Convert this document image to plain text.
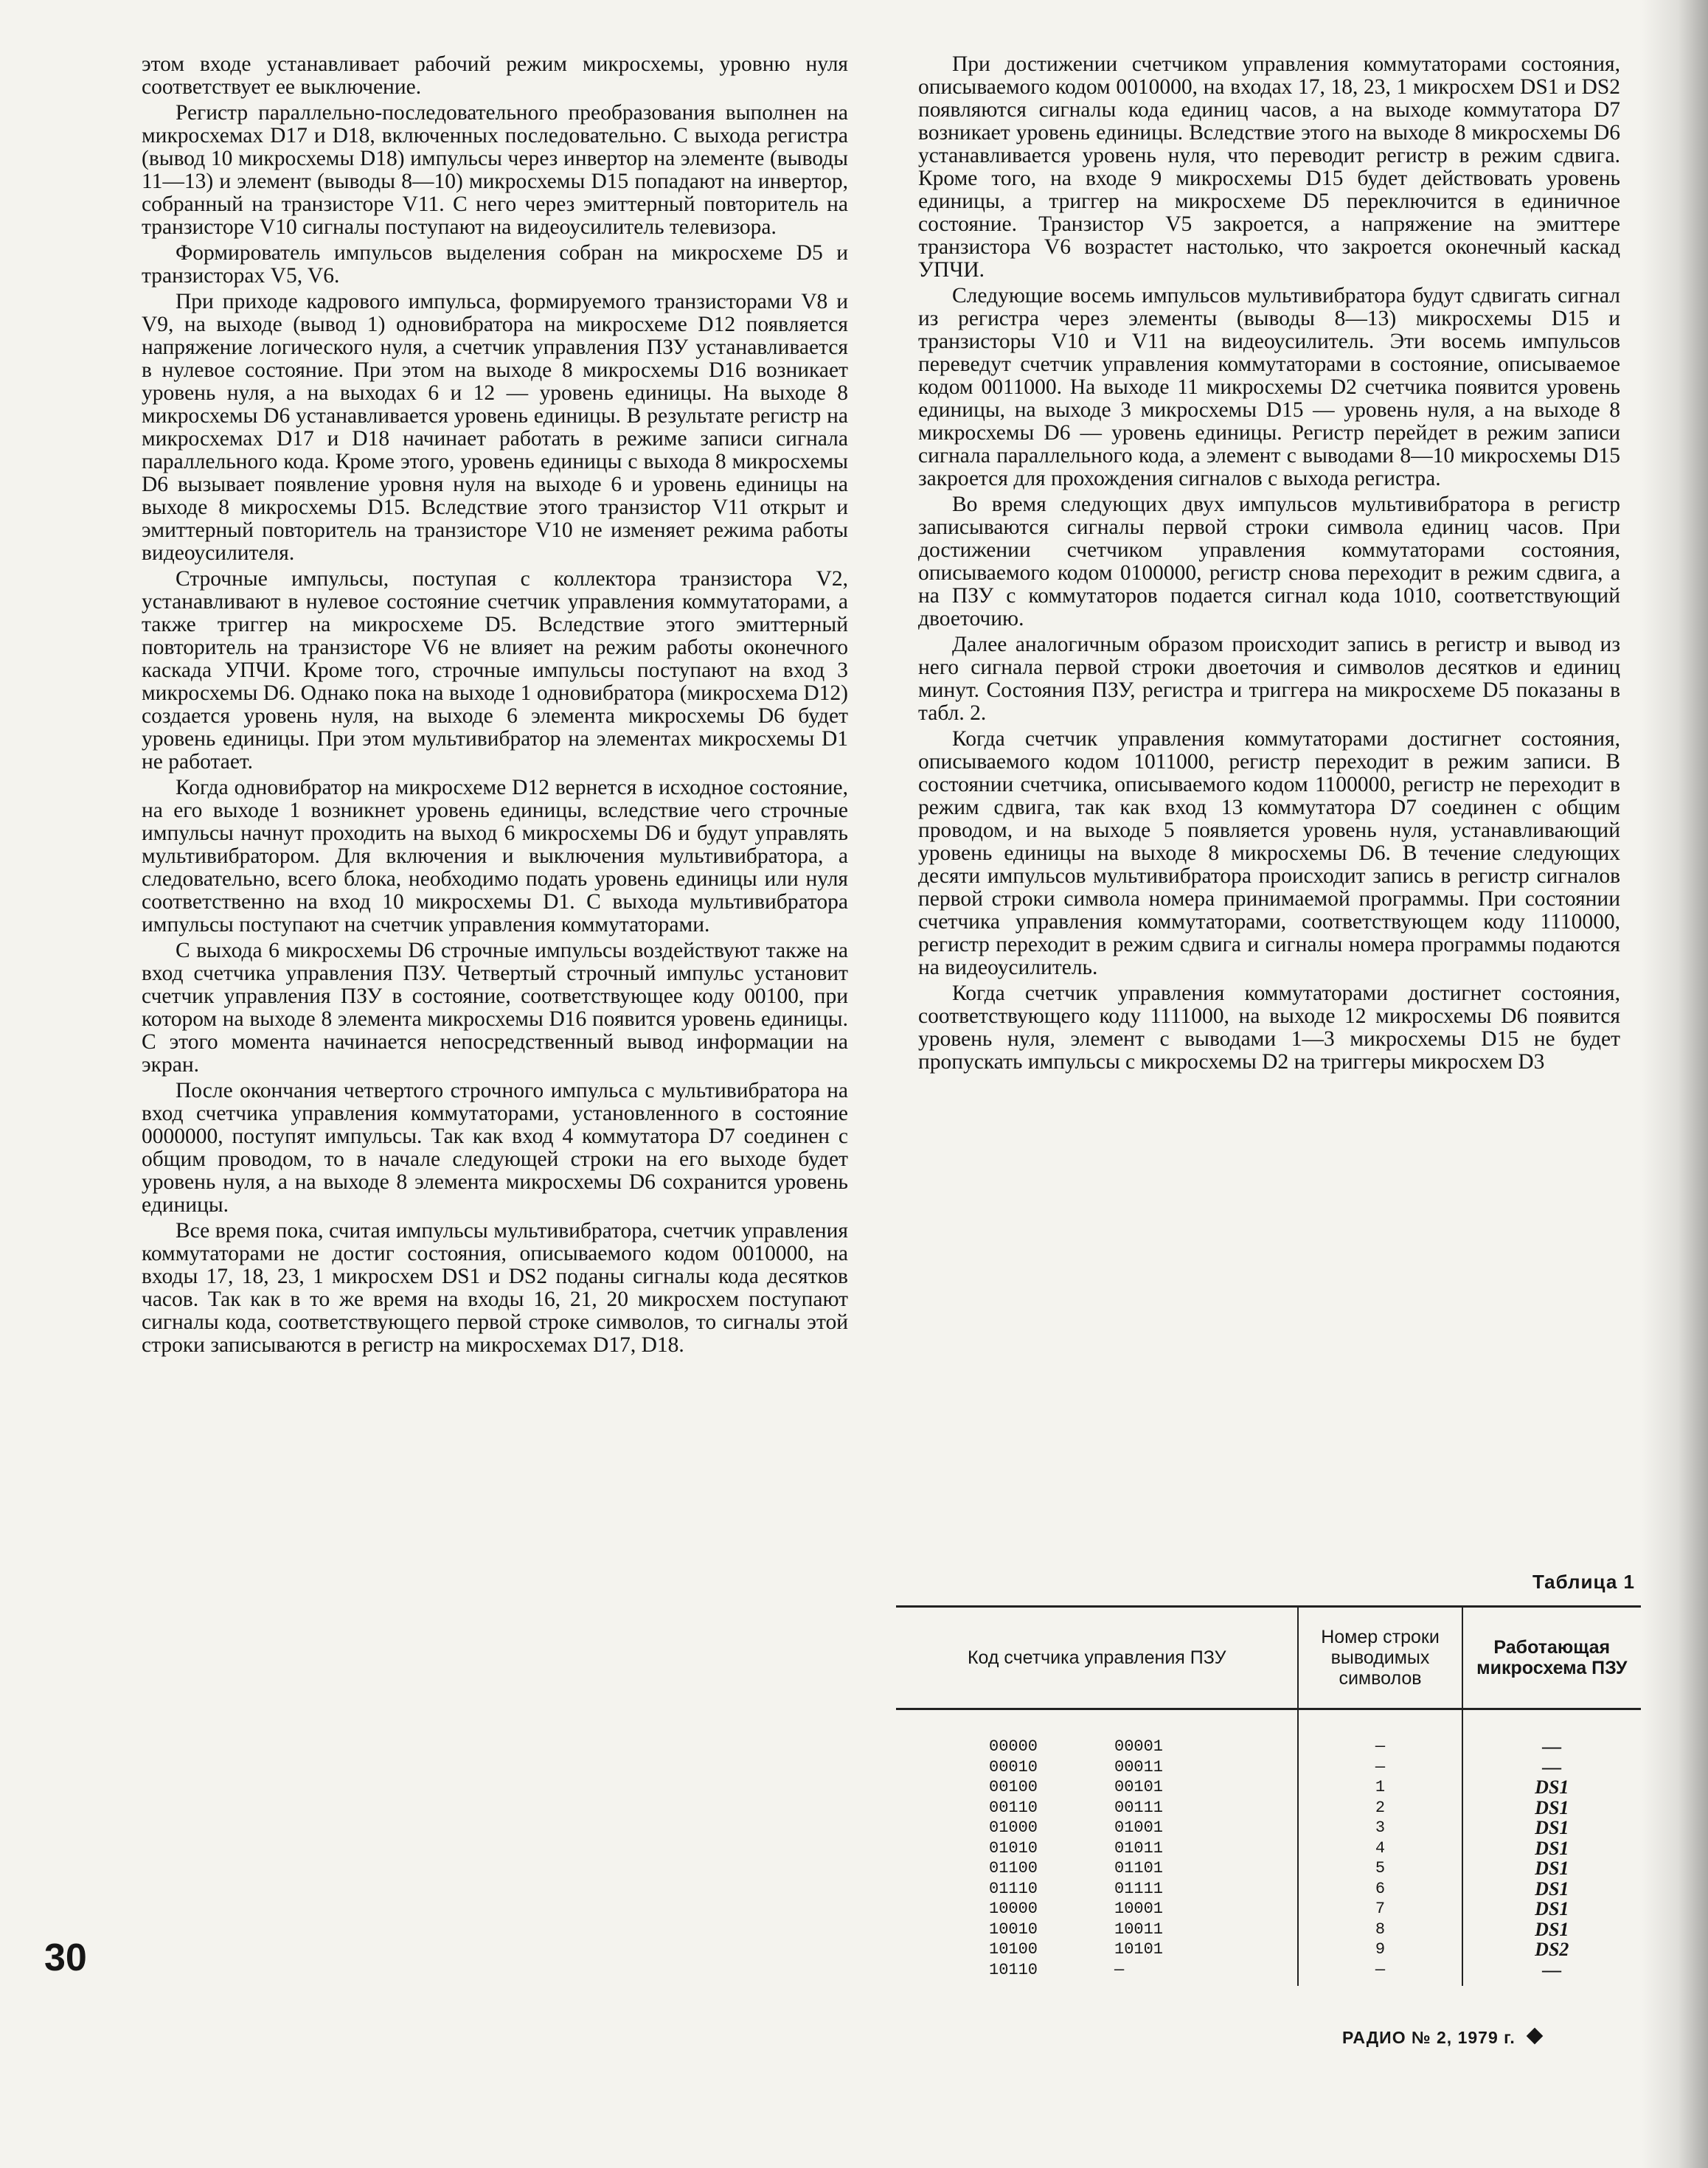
этом входе устанавливает рабочий режим микросхемы, уровню нуля соответствует ее выключение.

Регистр параллельно-последовательного преобразования выполнен на микросхемах D17 и D18, включенных последовательно. С выхода регистра (вывод 10 микросхемы D18) импульсы через инвертор на элементе (выводы 11—13) и элемент (выводы 8—10) микросхемы D15 попадают на инвертор, собранный на транзисторе V11. С него через эмиттерный повторитель на транзисторе V10 сигналы поступают на видеоусилитель телевизора.

Формирователь импульсов выделения собран на микросхеме D5 и транзисторах V5, V6.

При приходе кадрового импульса, формируемого транзисторами V8 и V9, на выходе (вывод 1) одновибратора на микросхеме D12 появляется напряжение логического нуля, а счетчик управления ПЗУ устанавливается в нулевое состояние. При этом на выходе 8 микросхемы D16 возникает уровень нуля, а на выходах 6 и 12 — уровень единицы. На выходе 8 микросхемы D6 устанавливается уровень единицы. В результате регистр на микросхемах D17 и D18 начинает работать в режиме записи сигнала параллельного кода. Кроме этого, уровень единицы с выхода 8 микросхемы D6 вызывает появление уровня нуля на выходе 6 и уровень единицы на выходе 8 микросхемы D15. Вследствие этого транзистор V11 открыт и эмиттерный повторитель на транзисторе V10 не изменяет режима работы видеоусилителя.

Строчные импульсы, поступая с коллектора транзистора V2, устанавливают в нулевое состояние счетчик управления коммутаторами, а также триггер на микросхеме D5. Вследствие этого эмиттерный повторитель на транзисторе V6 не влияет на режим работы оконечного каскада УПЧИ. Кроме того, строчные импульсы поступают на вход 3 микросхемы D6. Однако пока на выходе 1 одновибратора (микросхема D12) создается уровень нуля, на выходе 6 элемента микросхемы D6 будет уровень единицы. При этом мультивибратор на элементах микросхемы D1 не работает.

Когда одновибратор на микросхеме D12 вернется в исходное состояние, на его выходе 1 возникнет уровень единицы, вследствие чего строчные импульсы начнут проходить на выход 6 микросхемы D6 и будут управлять мультивибратором. Для включения и выключения мультивибратора, а следовательно, всего блока, необходимо подать уровень единицы или нуля соответственно на вход 10 микросхемы D1. С выхода мультивибратора импульсы поступают на счетчик управления коммутаторами.

С выхода 6 микросхемы D6 строчные импульсы воздействуют также на вход счетчика управления ПЗУ. Четвертый строчный импульс установит счетчик управления ПЗУ в состояние, соответствующее коду 00100, при котором на выходе 8 элемента микросхемы D16 появится уровень единицы. С этого момента начинается непосредственный вывод информации на экран.

После окончания четвертого строчного импульса с мультивибратора на вход счетчика управления коммутаторами, установленного в состояние 0000000, поступят импульсы. Так как вход 4 коммутатора D7 соединен с общим проводом, то в начале следующей строки на его выходе будет уровень нуля, а на выходе 8 элемента микросхемы D6 сохранится уровень единицы.

Все время пока, считая импульсы мультивибратора, счетчик управления коммутаторами не достиг состояния, описываемого кодом 0010000, на входы 17, 18, 23, 1 микросхем DS1 и DS2 поданы сигналы кода десятков часов. Так как в то же время на входы 16, 21, 20 микросхем поступают сигналы кода, соответствующего первой строке символов, то сигналы этой строки записываются в регистр на микросхемах D17, D18.

При достижении счетчиком управления коммутаторами состояния, описываемого кодом 0010000, на входах 17, 18, 23, 1 микросхем DS1 и DS2 появляются сигналы кода единиц часов, а на выходе коммутатора D7 возникает уровень единицы. Вследствие этого на выходе 8 микросхемы D6 устанавливается уровень нуля, что переводит регистр в режим сдвига. Кроме того, на входе 9 микросхемы D15 будет действовать уровень единицы, а триггер на микросхеме D5 переключится в единичное состояние. Транзистор V5 закроется, а напряжение на эмиттере транзистора V6 возрастет настолько, что закроется оконечный каскад УПЧИ.

Следующие восемь импульсов мультивибратора будут сдвигать сигнал из регистра через элементы (выводы 8—13) микросхемы D15 и транзисторы V10 и V11 на видеоусилитель. Эти восемь импульсов переведут счетчик управления коммутаторами в состояние, описываемое кодом 0011000. На выходе 11 микросхемы D2 счетчика появится уровень единицы, на выходе 3 микросхемы D15 — уровень нуля, а на выходе 8 микросхемы D6 — уровень единицы. Регистр перейдет в режим записи сигнала параллельного кода, а элемент с выводами 8—10 микросхемы D15 закроется для прохождения сигналов с выхода регистра.

Во время следующих двух импульсов мультивибратора в регистр записываются сигналы первой строки символа единиц часов. При достижении счетчиком управления коммутаторами состояния, описываемого кодом 0100000, регистр снова переходит в режим сдвига, а на ПЗУ с коммутаторов подается сигнал кода 1010, соответствующий двоеточию.

Далее аналогичным образом происходит запись в регистр и вывод из него сигнала первой строки двоеточия и символов десятков и единиц минут. Состояния ПЗУ, регистра и триггера на микросхеме D5 показаны в табл. 2.

Когда счетчик управления коммутаторами достигнет состояния, описываемого кодом 1011000, регистр переходит в режим записи. В состоянии счетчика, описываемого кодом 1100000, регистр не переходит в режим сдвига, так как вход 13 коммутатора D7 соединен с общим проводом, и на выходе 5 появляется уровень нуля, устанавливающий уровень единицы на выходе 8 микросхемы D6. В течение следующих десяти импульсов мультивибратора происходит запись в регистр сигналов первой строки символа номера принимаемой программы. При состоянии счетчика управления коммутаторами, соответствующем коду 1110000, регистр переходит в режим сдвига и сигналы номера программы подаются на видеоусилитель.

Когда счетчик управления коммутаторами достигнет состояния, соответствующего коду 1111000, на выходе 12 микросхемы D6 появится уровень нуля, элемент с выводами 1—3 микросхемы D15 не будет пропускать импульсы с микросхемы D2 на триггеры микросхем D3

Таблица 1
Код счетчика управления ПЗУ	Номер строки выводимых символов	Работающая микросхема ПЗУ
00000 00001	—	—
00010 00011	—	—
00100 00101	1	DS1
00110 00111	2	DS1
01000 01001	3	DS1
01010 01011	4	DS1
01100 01101	5	DS1
01110 01111	6	DS1
10000 10001	7	DS1
10010 10011	8	DS1
10100 10101	9	DS2
10110 —	—	—
30
РАДИО № 2, 1979 г.
